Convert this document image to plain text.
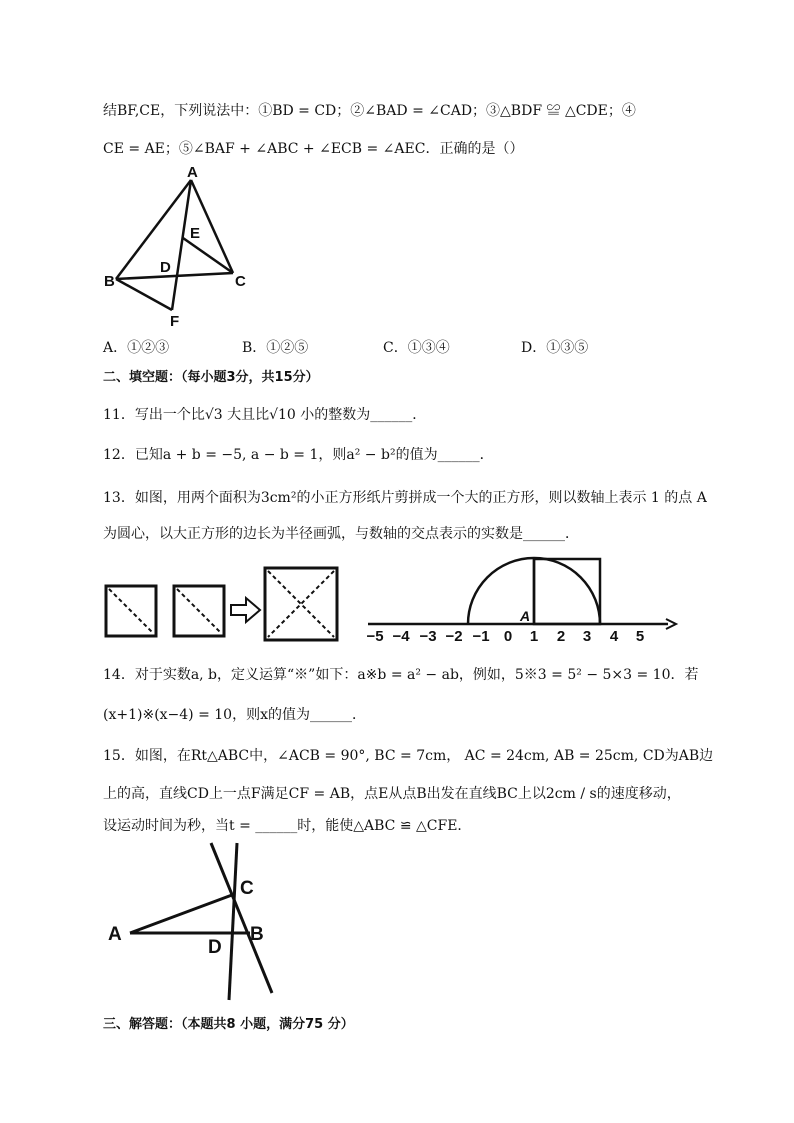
结BF,CE，下列说法中：①BD = CD；②∠BAD = ∠CAD；③△BDF ≌ △CDE；④
CE = AE；⑤∠BAF + ∠ABC + ∠ECB = ∠AEC．正确的是（）
A
B	C
D
E
F
A．①②③	B．①②⑤	C．①③④	D．①③⑤
二、填空题：（每小题3分，共15分）
11．写出一个比√3 大且比√10 小的整数为______．
12．已知a + b = −5, a − b = 1，则a² − b²的值为______．
13．如图，用两个面积为3cm²的小正方形纸片剪拼成一个大的正方形，则以数轴上表示 1 的点 A
为圆心，以大正方形的边长为半径画弧，与数轴的交点表示的实数是______．
A
−5 −4 −3 −2 −1 0 1 2 3 4 5
14．对于实数a, b，定义运算“※”如下：a※b = a² − ab，例如，5※3 = 5² − 5×3 = 10．若
(x+1)※(x−4) = 10，则x的值为______．
15．如图，在Rt△ABC中，∠ACB = 90°, BC = 7cm， AC = 24cm, AB = 25cm, CD为AB边
上的高，直线CD上一点F满足CF = AB，点E从点B出发在直线BC上以2cm / s的速度移动，
设运动时间为秒，当t = ______时，能使△ABC ≌ △CFE．
A	B
C
D
三、解答题：（本题共8 小题，满分75 分）
